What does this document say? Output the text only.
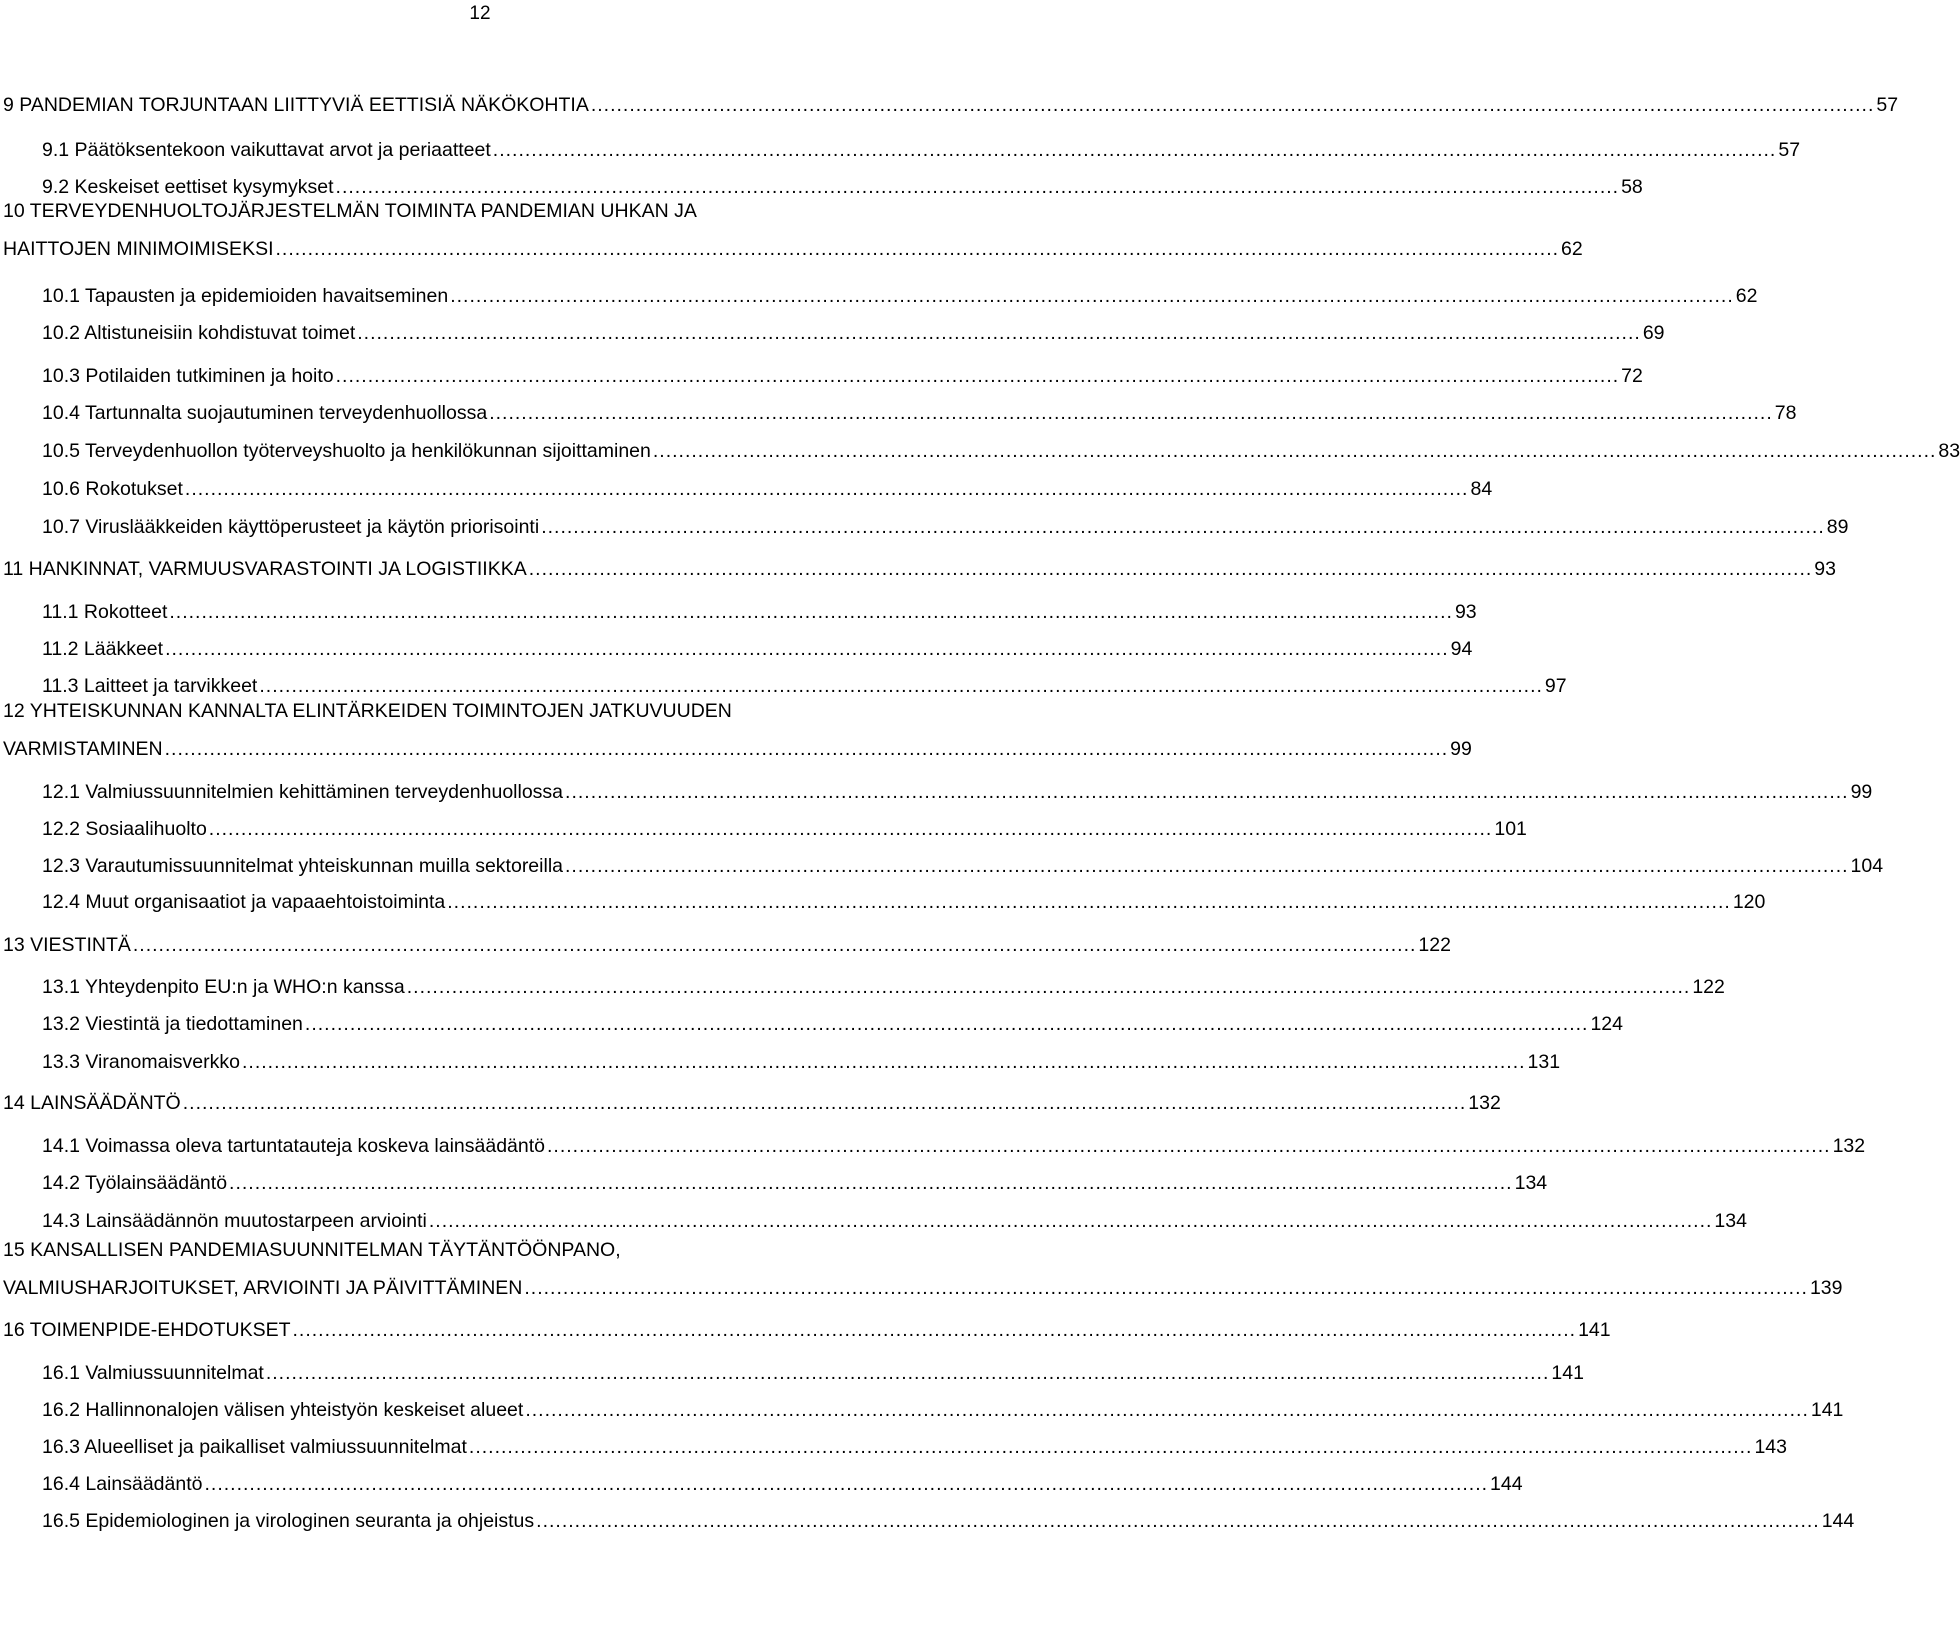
12
9 PANDEMIAN TORJUNTAAN LIITTYVIÄ EETTISIÄ NÄKÖKOHTIA ........................................................................................................................................................................................................ 57
9.1 Päätöksentekoon vaikuttavat arvot ja periaatteet ........................................................................................................................................................................................................ 57
9.2 Keskeiset eettiset kysymykset ........................................................................................................................................................................................................ 58
10 TERVEYDENHUOLTOJÄRJESTELMÄN TOIMINTA PANDEMIAN UHKAN JA
HAITTOJEN MINIMOIMISEKSI ........................................................................................................................................................................................................ 62
10.1 Tapausten ja epidemioiden havaitseminen ........................................................................................................................................................................................................ 62
10.2 Altistuneisiin kohdistuvat toimet ........................................................................................................................................................................................................ 69
10.3 Potilaiden tutkiminen ja hoito ........................................................................................................................................................................................................ 72
10.4 Tartunnalta suojautuminen terveydenhuollossa ........................................................................................................................................................................................................ 78
10.5 Terveydenhuollon työterveyshuolto ja henkilökunnan sijoittaminen ........................................................................................................................................................................................................ 83
10.6 Rokotukset ........................................................................................................................................................................................................ 84
10.7 Viruslääkkeiden käyttöperusteet ja käytön priorisointi ........................................................................................................................................................................................................ 89
11 HANKINNAT, VARMUUSVARASTOINTI JA LOGISTIIKKA ........................................................................................................................................................................................................ 93
11.1 Rokotteet ........................................................................................................................................................................................................ 93
11.2 Lääkkeet ........................................................................................................................................................................................................ 94
11.3 Laitteet ja tarvikkeet ........................................................................................................................................................................................................ 97
12 YHTEISKUNNAN KANNALTA ELINTÄRKEIDEN TOIMINTOJEN JATKUVUUDEN
VARMISTAMINEN ........................................................................................................................................................................................................ 99
12.1 Valmiussuunnitelmien kehittäminen terveydenhuollossa ........................................................................................................................................................................................................ 99
12.2 Sosiaalihuolto ........................................................................................................................................................................................................ 101
12.3 Varautumissuunnitelmat yhteiskunnan muilla sektoreilla ........................................................................................................................................................................................................ 104
12.4 Muut organisaatiot ja vapaaehtoistoiminta ........................................................................................................................................................................................................ 120
13 VIESTINTÄ ........................................................................................................................................................................................................ 122
13.1 Yhteydenpito EU:n ja WHO:n kanssa ........................................................................................................................................................................................................ 122
13.2 Viestintä ja tiedottaminen ........................................................................................................................................................................................................ 124
13.3 Viranomaisverkko ........................................................................................................................................................................................................ 131
14 LAINSÄÄDÄNTÖ ........................................................................................................................................................................................................ 132
14.1 Voimassa oleva tartuntatauteja koskeva lainsäädäntö ........................................................................................................................................................................................................ 132
14.2 Työlainsäädäntö ........................................................................................................................................................................................................ 134
14.3 Lainsäädännön muutostarpeen arviointi ........................................................................................................................................................................................................ 134
15 KANSALLISEN PANDEMIASUUNNITELMAN TÄYTÄNTÖÖNPANO,
VALMIUSHARJOITUKSET, ARVIOINTI JA PÄIVITTÄMINEN ........................................................................................................................................................................................................ 139
16 TOIMENPIDE-EHDOTUKSET ........................................................................................................................................................................................................ 141
16.1 Valmiussuunnitelmat ........................................................................................................................................................................................................ 141
16.2 Hallinnonalojen välisen yhteistyön keskeiset alueet ........................................................................................................................................................................................................ 141
16.3 Alueelliset ja paikalliset valmiussuunnitelmat ........................................................................................................................................................................................................ 143
16.4 Lainsäädäntö ........................................................................................................................................................................................................ 144
16.5 Epidemiologinen ja virologinen seuranta ja ohjeistus ........................................................................................................................................................................................................ 144
